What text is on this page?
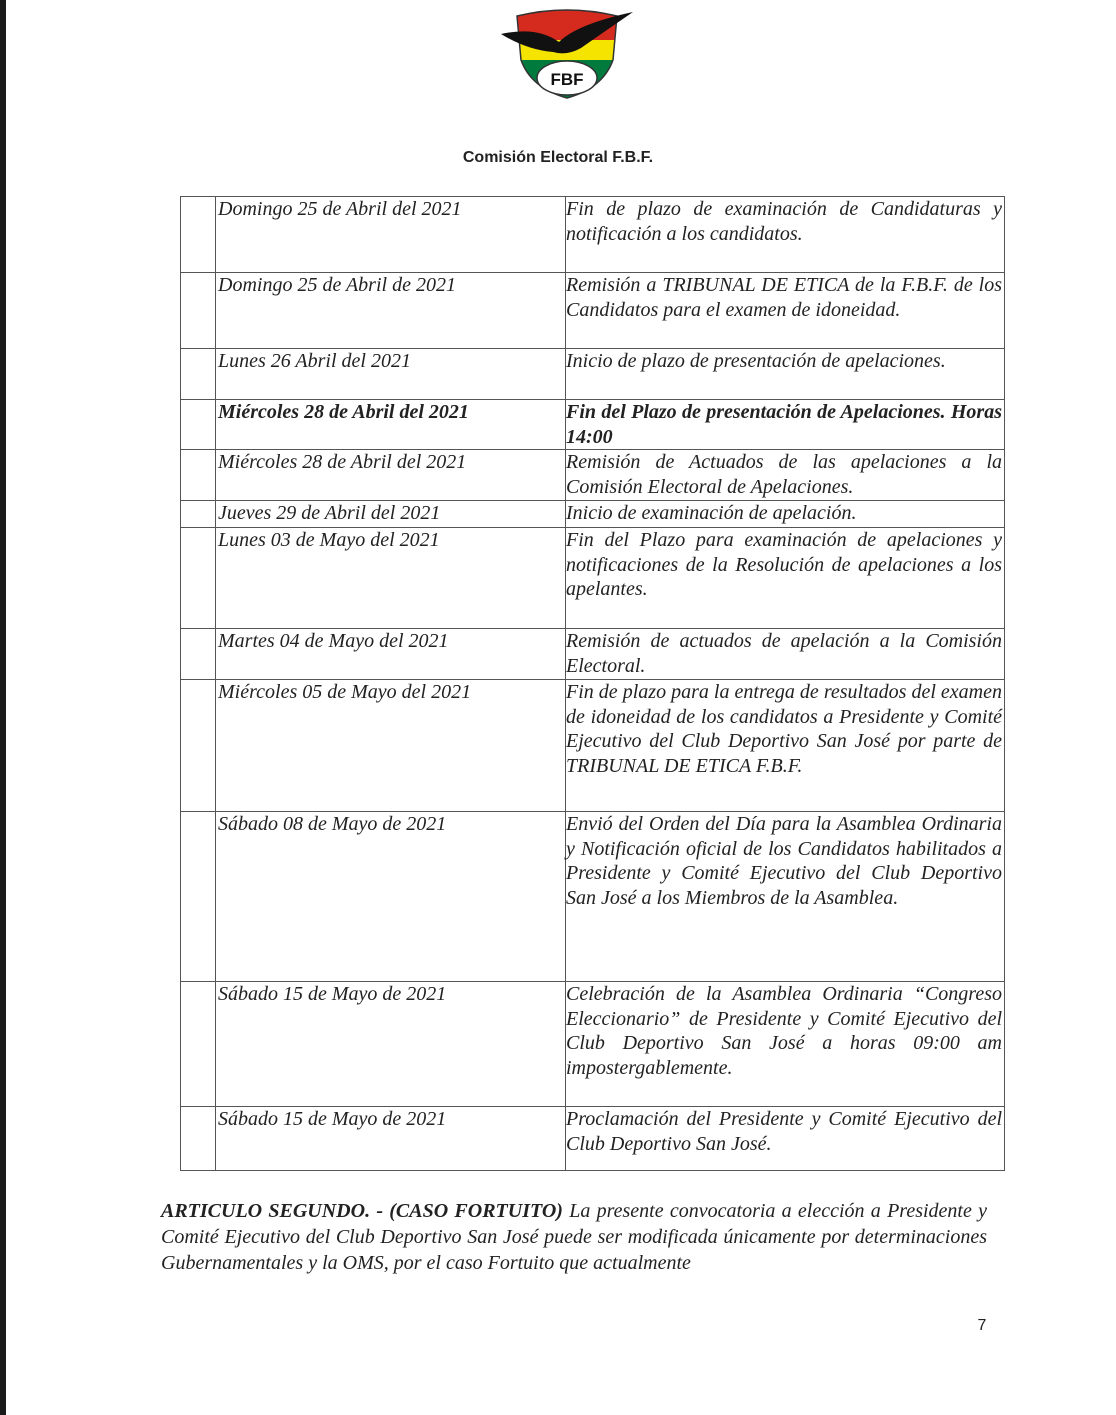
FBF
Comisión Electoral F.B.F.
	Domingo 25 de Abril del 2021	Fin de plazo de examinación de Candidaturas y notificación a los candidatos.
	Domingo 25 de Abril de 2021	Remisión a TRIBUNAL DE ETICA de la F.B.F. de los Candidatos para el examen de idoneidad.
	Lunes 26 Abril del 2021	Inicio de plazo de presentación de apelaciones.
	Miércoles 28 de Abril del 2021	Fin del Plazo de presentación de Apelaciones. Horas 14:00
	Miércoles 28 de Abril del 2021	Remisión de Actuados de las apelaciones a la Comisión Electoral de Apelaciones.
	Jueves 29 de Abril del 2021	Inicio de examinación de apelación.
	Lunes 03 de Mayo del 2021	Fin del Plazo para examinación de apelaciones y notificaciones de la Resolución de apelaciones a los apelantes.
	Martes 04 de Mayo del 2021	Remisión de actuados de apelación a la Comisión Electoral.
	Miércoles 05 de Mayo del 2021	Fin de plazo para la entrega de resultados del examen de idoneidad de los candidatos a Presidente y Comité Ejecutivo del Club Deportivo San José por parte de TRIBUNAL DE ETICA F.B.F.
	Sábado 08 de Mayo de 2021	Envió del Orden del Día para la Asamblea Ordinaria y Notificación oficial de los Candidatos habilitados a Presidente y Comité Ejecutivo del Club Deportivo San José a los Miembros de la Asamblea.
	Sábado 15 de Mayo de 2021	Celebración de la Asamblea Ordinaria “Congreso Eleccionario” de Presidente y Comité Ejecutivo del Club Deportivo San José a horas 09:00 am impostergablemente.
	Sábado 15 de Mayo de 2021	Proclamación del Presidente y Comité Ejecutivo del Club Deportivo San José.
ARTICULO SEGUNDO. - (CASO FORTUITO) La presente convocatoria a elección a Presidente y Comité Ejecutivo del Club Deportivo San José puede ser modificada únicamente por determinaciones Gubernamentales y la OMS, por el caso Fortuito que actualmente
7
